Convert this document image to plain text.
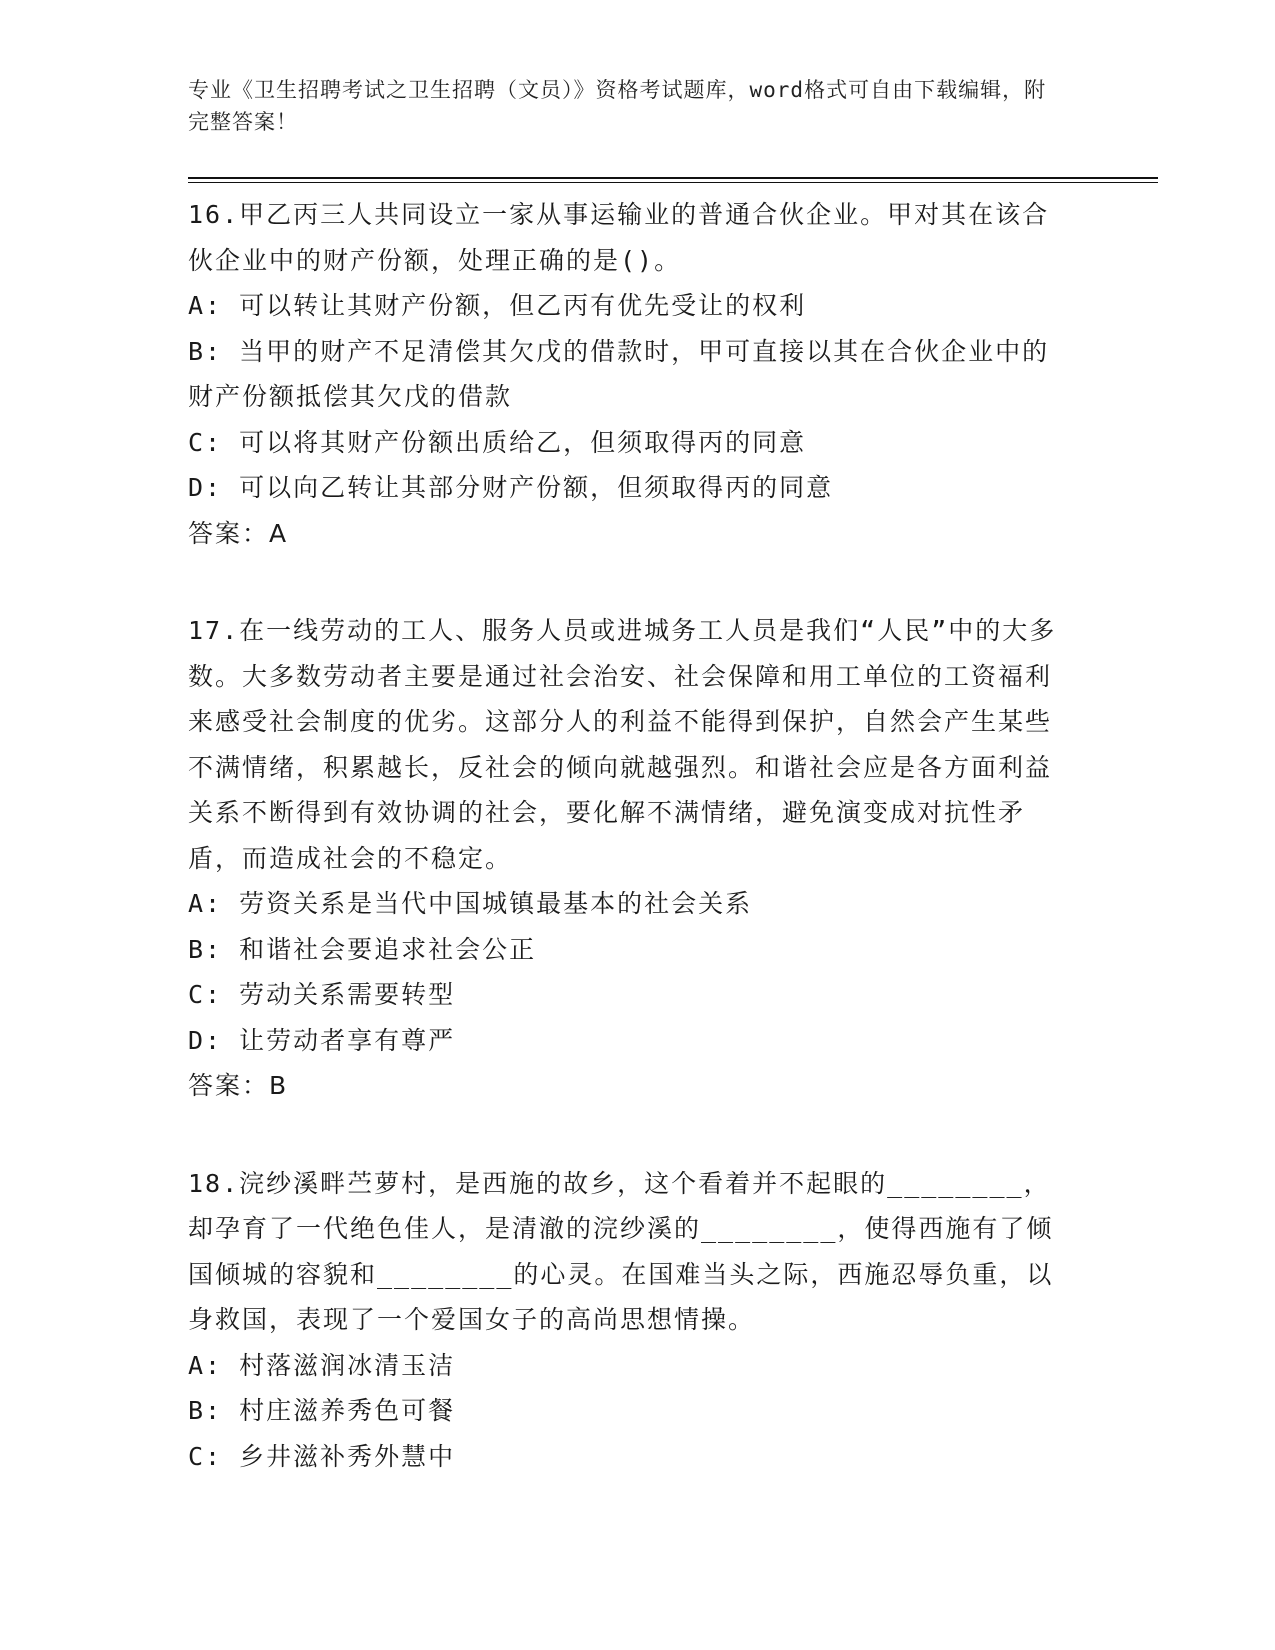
专业《卫生招聘考试之卫生招聘（文员）》资格考试题库，word格式可自由下载编辑，附完整答案！

16.甲乙丙三人共同设立一家从事运输业的普通合伙企业。甲对其在该合伙企业中的财产份额，处理正确的是()。

A: 可以转让其财产份额，但乙丙有优先受让的权利

B: 当甲的财产不足清偿其欠戊的借款时，甲可直接以其在合伙企业中的财产份额抵偿其欠戊的借款

C: 可以将其财产份额出质给乙，但须取得丙的同意

D: 可以向乙转让其部分财产份额，但须取得丙的同意

答案：A

17.在一线劳动的工人、服务人员或进城务工人员是我们“人民”中的大多数。大多数劳动者主要是通过社会治安、社会保障和用工单位的工资福利来感受社会制度的优劣。这部分人的利益不能得到保护，自然会产生某些不满情绪，积累越长，反社会的倾向就越强烈。和谐社会应是各方面利益关系不断得到有效协调的社会，要化解不满情绪，避免演变成对抗性矛盾，而造成社会的不稳定。

A: 劳资关系是当代中国城镇最基本的社会关系

B: 和谐社会要追求社会公正

C: 劳动关系需要转型

D: 让劳动者享有尊严

答案：B

18.浣纱溪畔苎萝村，是西施的故乡，这个看着并不起眼的________，却孕育了一代绝色佳人，是清澈的浣纱溪的________，使得西施有了倾国倾城的容貌和________的心灵。在国难当头之际，西施忍辱负重，以身救国，表现了一个爱国女子的高尚思想情操。

A: 村落滋润冰清玉洁

B: 村庄滋养秀色可餐

C: 乡井滋补秀外慧中
